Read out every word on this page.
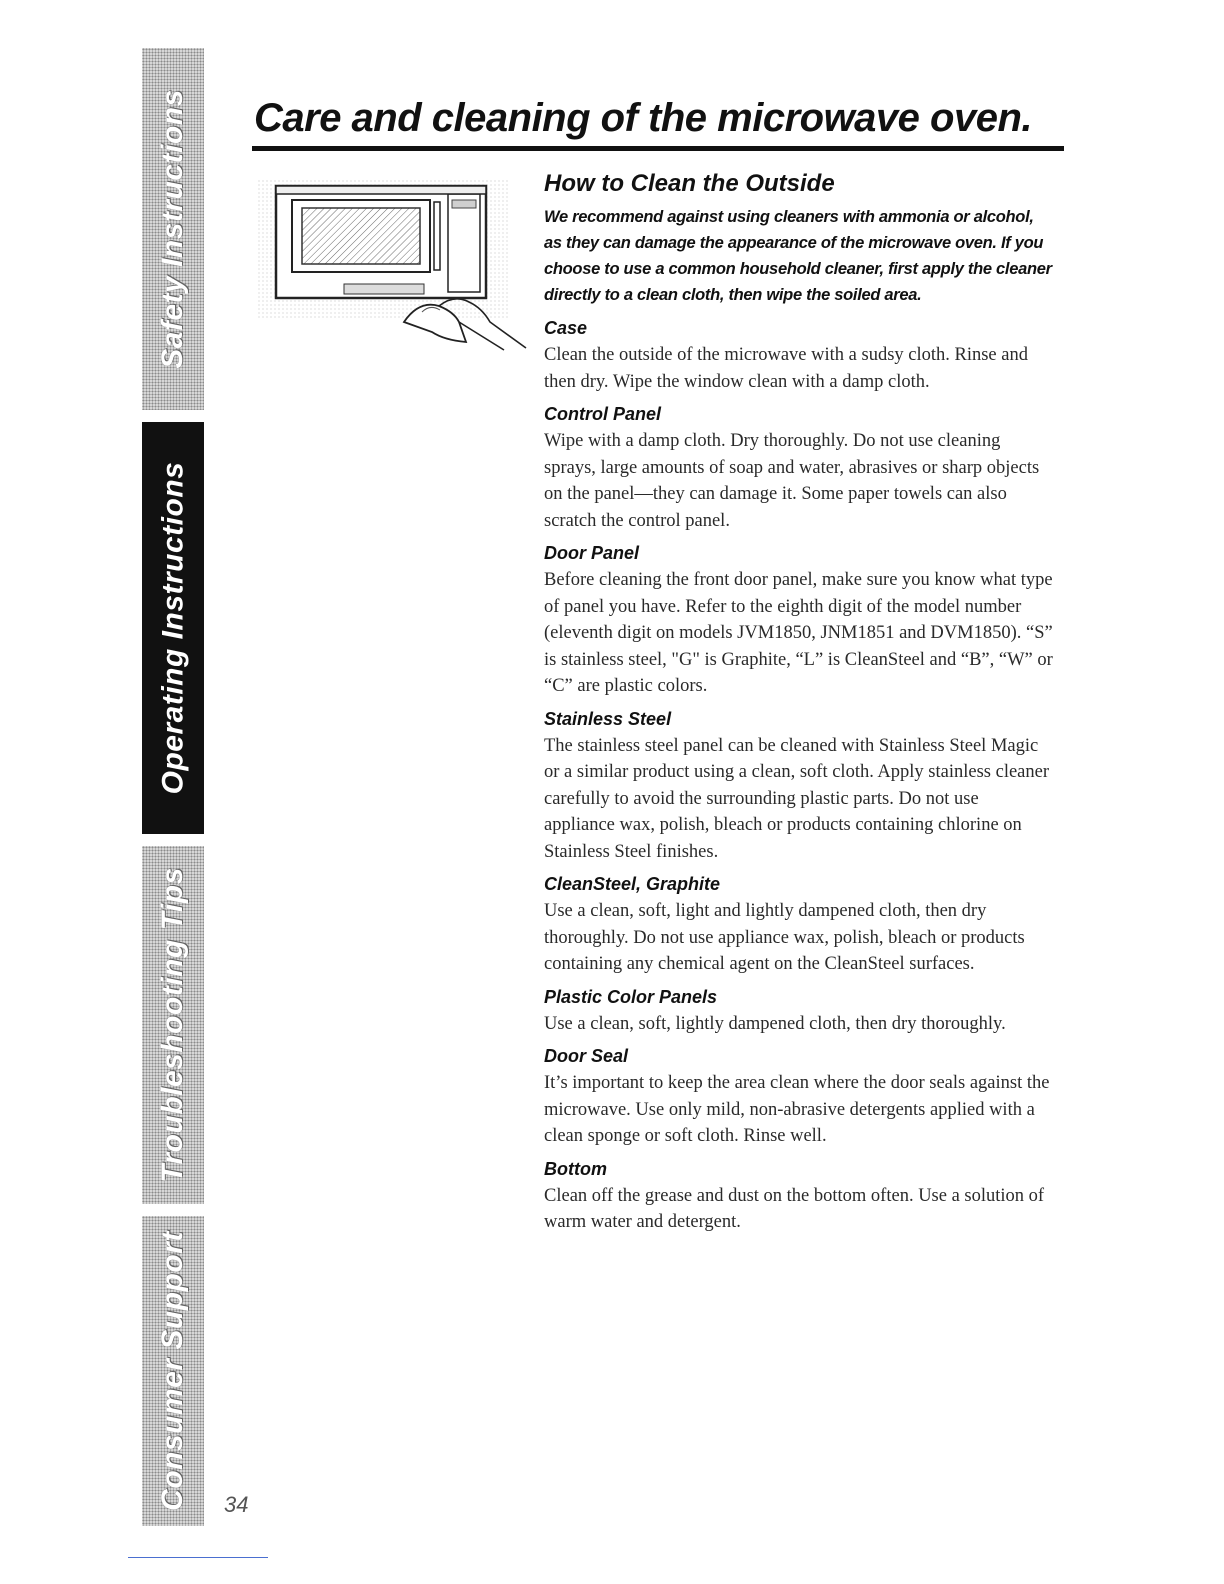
Safety Instructions
Operating Instructions
Troubleshooting Tips
Consumer Support
Care and cleaning of the microwave oven.
How to Clean the Outside

We recommend against using cleaners with ammonia or alcohol, as they can damage the appearance of the microwave oven. If you choose to use a common household cleaner, first apply the cleaner directly to a clean cloth, then wipe the soiled area.

Case

Clean the outside of the microwave with a sudsy cloth. Rinse and then dry. Wipe the window clean with a damp cloth.

Control Panel

Wipe with a damp cloth. Dry thoroughly. Do not use cleaning sprays, large amounts of soap and water, abrasives or sharp objects on the panel—they can damage it. Some paper towels can also scratch the control panel.

Door Panel

Before cleaning the front door panel, make sure you know what type of panel you have. Refer to the eighth digit of the model number (eleventh digit on models JVM1850, JNM1851 and DVM1850). “S” is stainless steel, "G" is Graphite, “L” is CleanSteel and “B”, “W” or “C” are plastic colors.

Stainless Steel

The stainless steel panel can be cleaned with Stainless Steel Magic or a similar product using a clean, soft cloth. Apply stainless cleaner carefully to avoid the surrounding plastic parts. Do not use appliance wax, polish, bleach or products containing chlorine on Stainless Steel finishes.

CleanSteel, Graphite

Use a clean, soft, light and lightly dampened cloth, then dry thoroughly. Do not use appliance wax, polish, bleach or products containing any chemical agent on the CleanSteel surfaces.

Plastic Color Panels

Use a clean, soft, lightly dampened cloth, then dry thoroughly.

Door Seal

It’s important to keep the area clean where the door seals against the microwave. Use only mild, non-abrasive detergents applied with a clean sponge or soft cloth. Rinse well.

Bottom

Clean off the grease and dust on the bottom often. Use a solution of warm water and detergent.

34
